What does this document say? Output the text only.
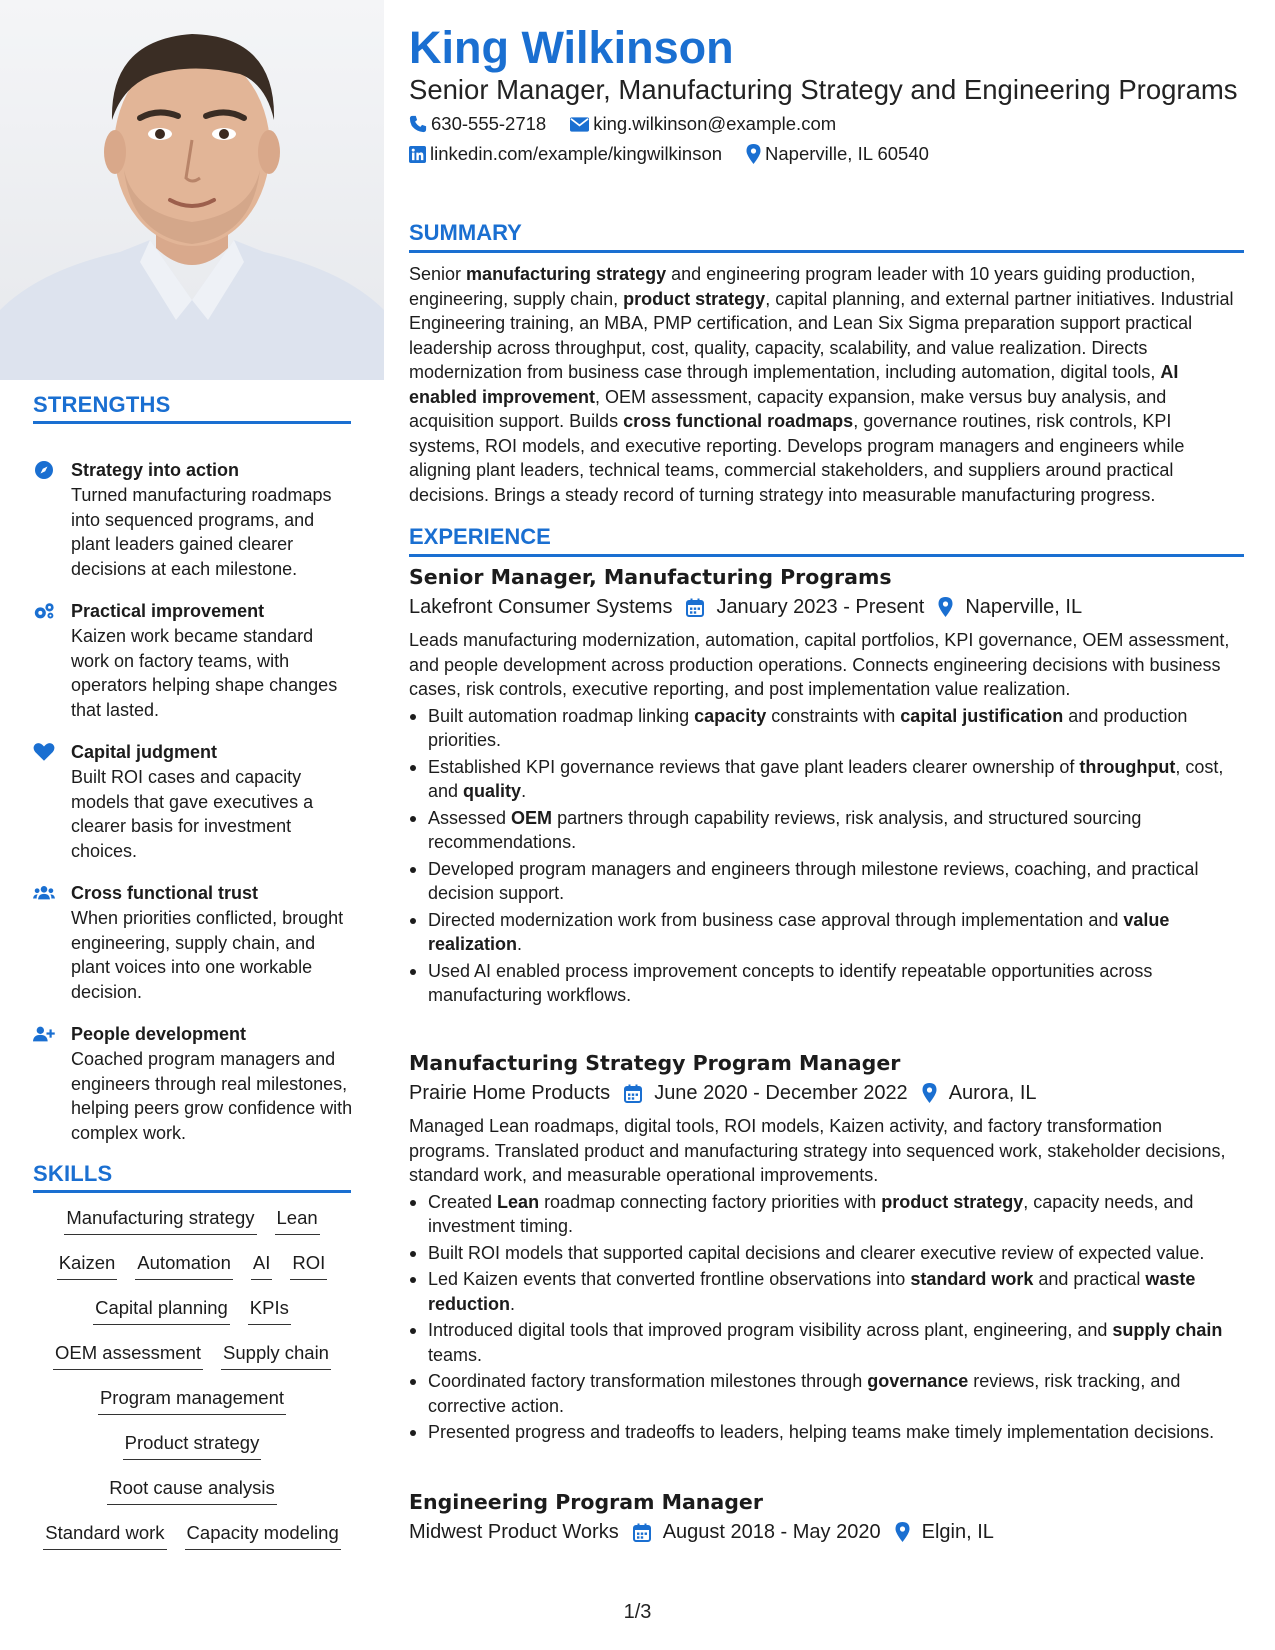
STRENGTHS
Strategy into action
Turned manufacturing roadmaps into sequenced programs, and plant leaders gained clearer decisions at each milestone.
Practical improvement
Kaizen work became standard work on factory teams, with operators helping shape changes that lasted.
Capital judgment
Built ROI cases and capacity models that gave executives a clearer basis for investment choices.
Cross functional trust
When priorities conflicted, brought engineering, supply chain, and plant voices into one workable decision.
People development
Coached program managers and engineers through real milestones, helping peers grow confidence with complex work.
SKILLS
Manufacturing strategy Lean
Kaizen Automation AI ROI
Capital planning KPIs
OEM assessment Supply chain
Program management
Product strategy
Root cause analysis
Standard work Capacity modeling
King Wilkinson
Senior Manager, Manufacturing Strategy and Engineering Programs
630-555-2718	king.wilkinson@example.com
linkedin.com/example/kingwilkinson Naperville, IL 60540
SUMMARY
Senior manufacturing strategy and engineering program leader with 10 years guiding production, engineering, supply chain, product strategy, capital planning, and external partner initiatives. Industrial Engineering training, an MBA, PMP certification, and Lean Six Sigma preparation support practical leadership across throughput, cost, quality, capacity, scalability, and value realization. Directs modernization from business case through implementation, including automation, digital tools, AI enabled improvement, OEM assessment, capacity expansion, make versus buy analysis, and acquisition support. Builds cross functional roadmaps, governance routines, risk controls, KPI systems, ROI models, and executive reporting. Develops program managers and engineers while aligning plant leaders, technical teams, commercial stakeholders, and suppliers around practical decisions. Brings a steady record of turning strategy into measurable manufacturing progress.
EXPERIENCE
Senior Manager, Manufacturing Programs
Lakefront Consumer Systems January 2023 - Present Naperville, IL
Leads manufacturing modernization, automation, capital portfolios, KPI governance, OEM assessment, and people development across production operations. Connects engineering decisions with business cases, risk controls, executive reporting, and post implementation value realization.
Built automation roadmap linking capacity constraints with capital justification and production priorities.
Established KPI governance reviews that gave plant leaders clearer ownership of throughput, cost, and quality.
Assessed OEM partners through capability reviews, risk analysis, and structured sourcing recommendations.
Developed program managers and engineers through milestone reviews, coaching, and practical decision support.
Directed modernization work from business case approval through implementation and value realization.
Used AI enabled process improvement concepts to identify repeatable opportunities across manufacturing workflows.
Manufacturing Strategy Program Manager
Prairie Home Products June 2020 - December 2022 Aurora, IL
Managed Lean roadmaps, digital tools, ROI models, Kaizen activity, and factory transformation programs. Translated product and manufacturing strategy into sequenced work, stakeholder decisions, standard work, and measurable operational improvements.
Created Lean roadmap connecting factory priorities with product strategy, capacity needs, and investment timing.
Built ROI models that supported capital decisions and clearer executive review of expected value.
Led Kaizen events that converted frontline observations into standard work and practical waste reduction.
Introduced digital tools that improved program visibility across plant, engineering, and supply chain teams.
Coordinated factory transformation milestones through governance reviews, risk tracking, and corrective action.
Presented progress and tradeoffs to leaders, helping teams make timely implementation decisions.
Engineering Program Manager
Midwest Product Works August 2018 - May 2020 Elgin, IL
1/3
